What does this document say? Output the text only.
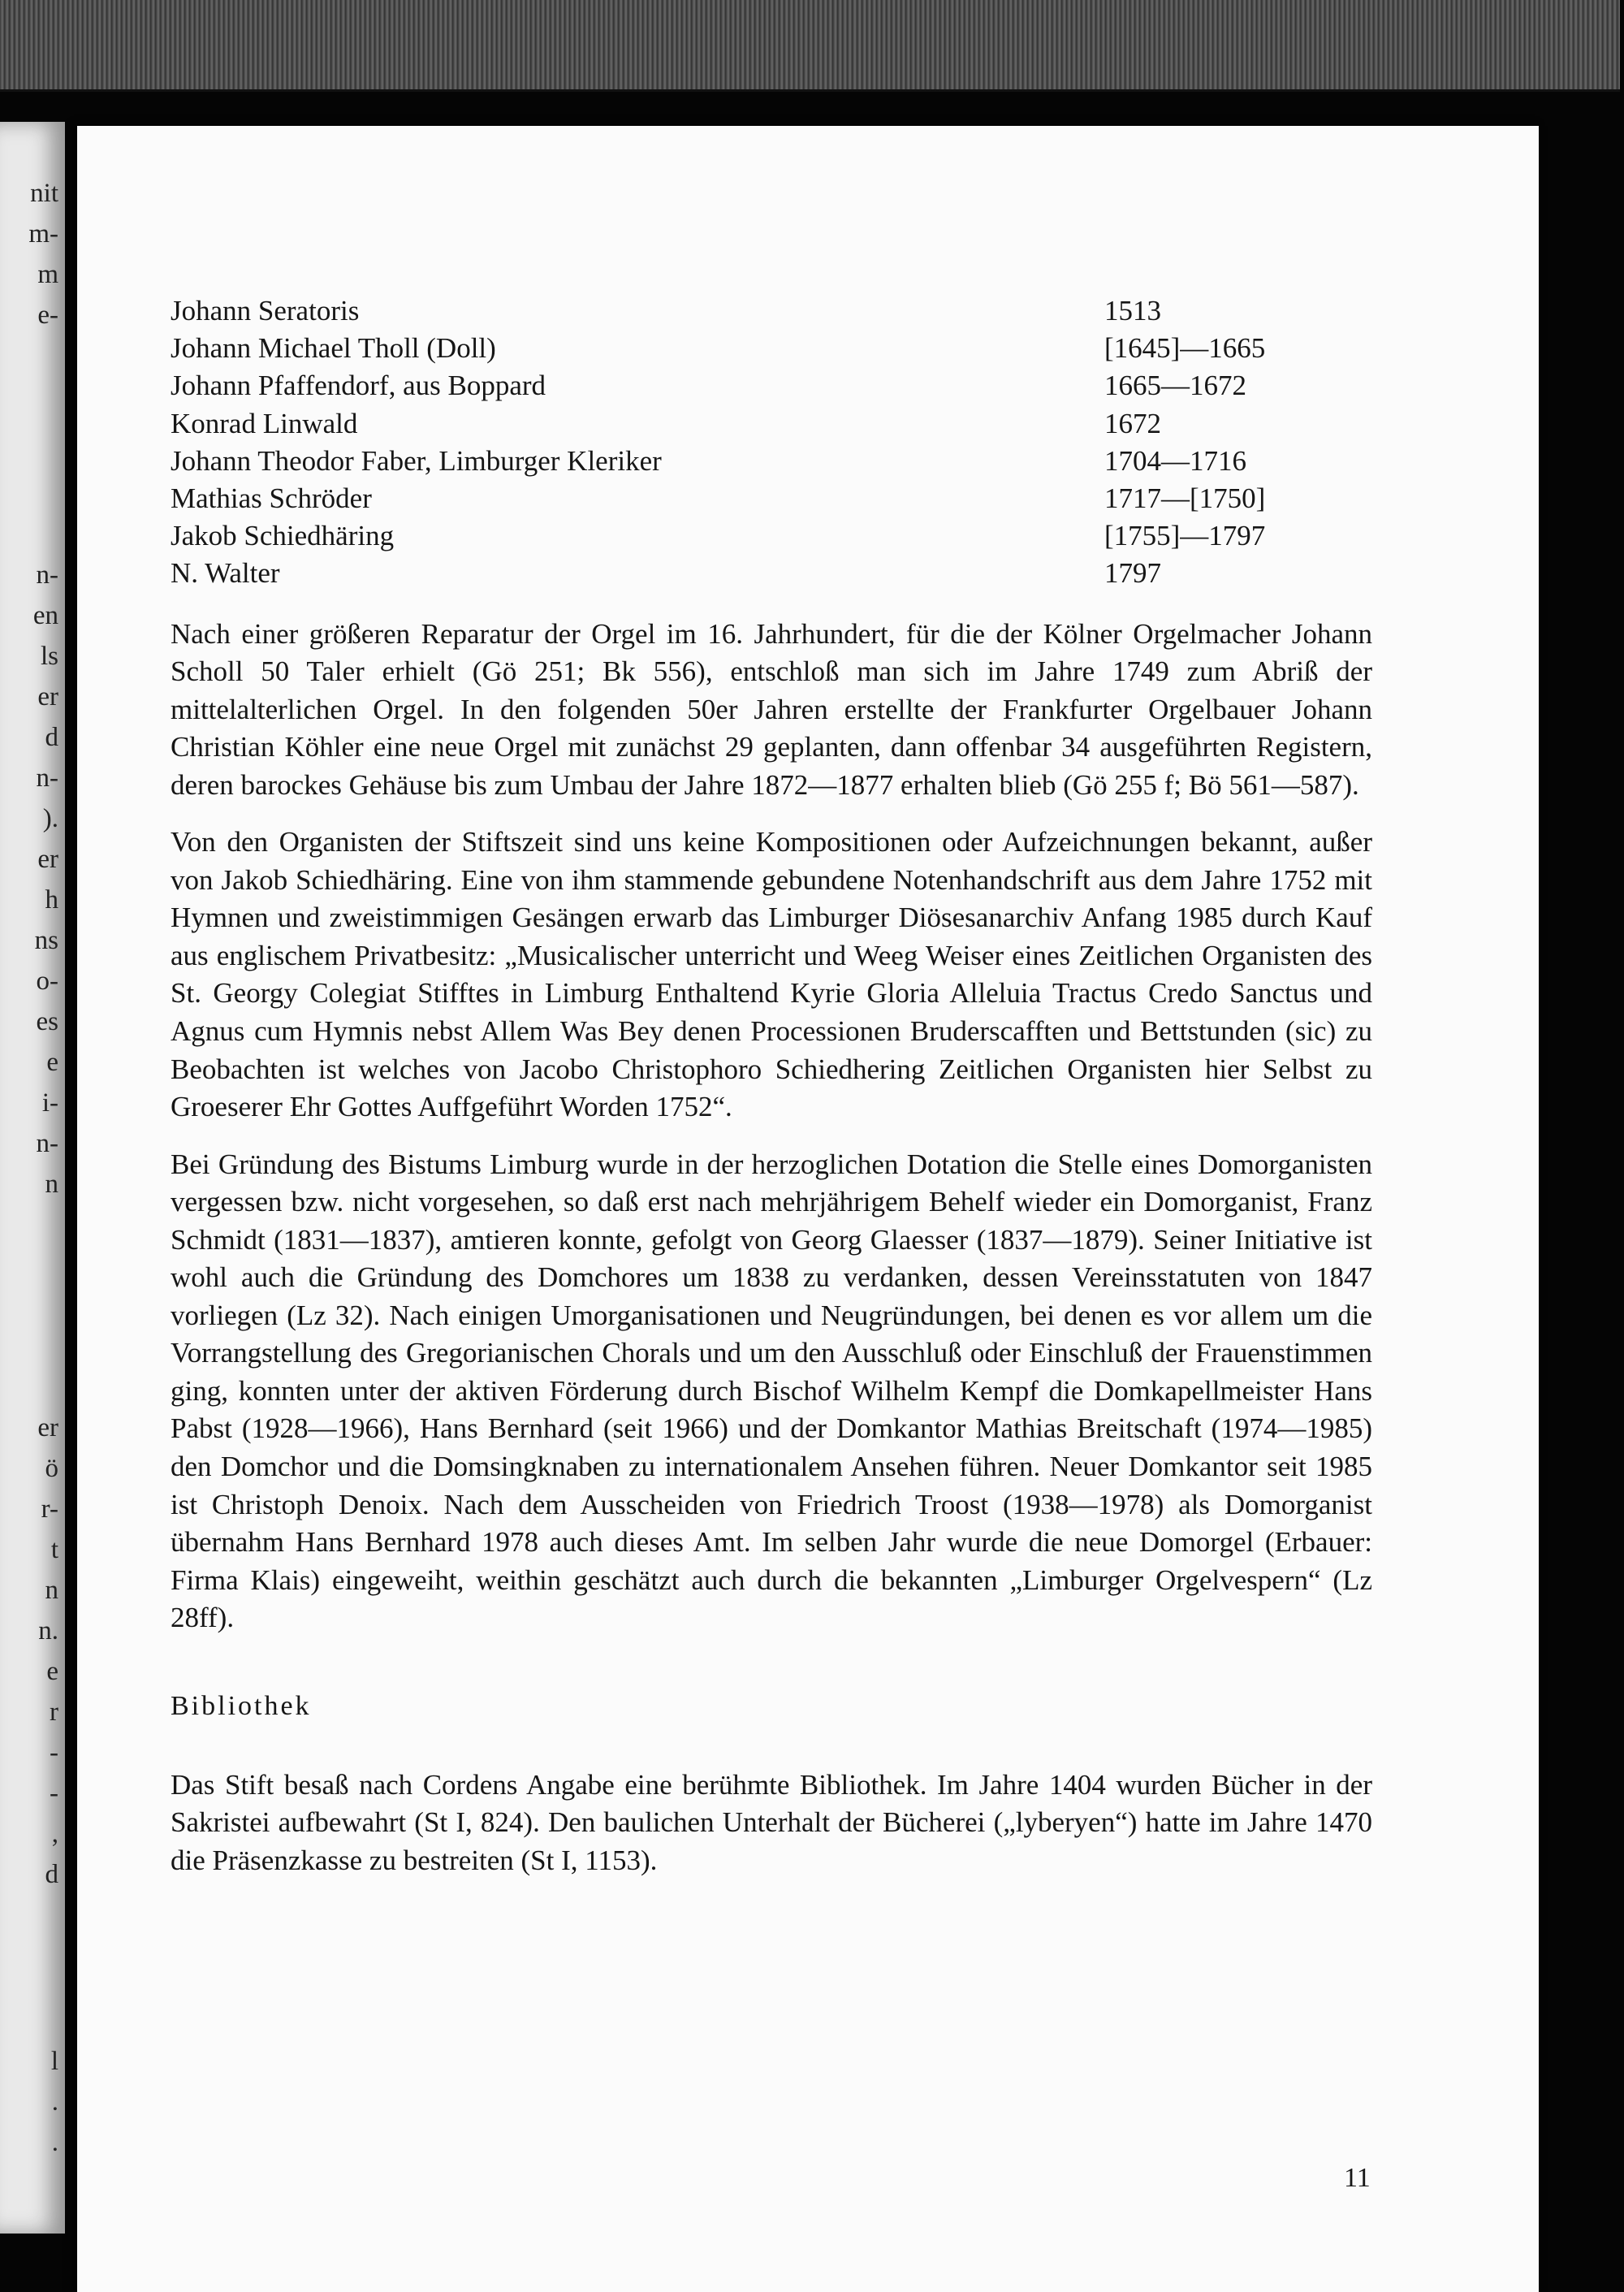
nit
m-
m
e-
n-
en
ls
er
d
n-
).
er
h
ns
o-
es
e
i-
n-
n
er
ö
r-
t
n
n.
e
r
-
-
,
d
l
.
.
Johann Seratoris	1513
Johann Michael Tholl (Doll)	[1645]—1665
Johann Pfaffendorf, aus Boppard	1665—1672
Konrad Linwald	1672
Johann Theodor Faber, Limburger Kleriker	1704—1716
Mathias Schröder	1717—[1750]
Jakob Schiedhäring	[1755]—1797
N. Walter	1797

Nach einer größeren Reparatur der Orgel im 16. Jahrhundert, für die der Kölner Orgelmacher Johann Scholl 50 Taler erhielt (Gö 251; Bk 556), entschloß man sich im Jahre 1749 zum Abriß der mittelalterlichen Orgel. In den folgenden 50er Jahren erstellte der Frankfurter Orgelbauer Johann Christian Köhler eine neue Orgel mit zunächst 29 geplanten, dann offenbar 34 ausgeführten Registern, deren barockes Gehäuse bis zum Umbau der Jahre 1872—1877 erhalten blieb (Gö 255 f; Bö 561—587).

Von den Organisten der Stiftszeit sind uns keine Kompositionen oder Aufzeichnungen bekannt, außer von Jakob Schiedhäring. Eine von ihm stammende gebundene Notenhandschrift aus dem Jahre 1752 mit Hymnen und zweistimmigen Gesängen erwarb das Limburger Diösesanarchiv Anfang 1985 durch Kauf aus englischem Privatbesitz: „Musicalischer unterricht und Weeg Weiser eines Zeitlichen Organisten des St. Georgy Colegiat Stifftes in Limburg Enthaltend Kyrie Gloria Alleluia Tractus Credo Sanctus und Agnus cum Hymnis nebst Allem Was Bey denen Processionen Bruderscafften und Bettstunden (sic) zu Beobachten ist welches von Jacobo Christophoro Schiedhering Zeitlichen Organisten hier Selbst zu Groeserer Ehr Gottes Auffgeführt Worden 1752“.

Bei Gründung des Bistums Limburg wurde in der herzoglichen Dotation die Stelle eines Domorganisten vergessen bzw. nicht vorgesehen, so daß erst nach mehrjährigem Behelf wieder ein Domorganist, Franz Schmidt (1831—1837), amtieren konnte, gefolgt von Georg Glaesser (1837—1879). Seiner Initiative ist wohl auch die Gründung des Domchores um 1838 zu verdanken, dessen Vereinsstatuten von 1847 vorliegen (Lz 32). Nach einigen Umorganisationen und Neugründungen, bei denen es vor allem um die Vorrangstellung des Gregorianischen Chorals und um den Ausschluß oder Einschluß der Frauenstimmen ging, konnten unter der aktiven Förderung durch Bischof Wilhelm Kempf die Domkapellmeister Hans Pabst (1928—1966), Hans Bernhard (seit 1966) und der Domkantor Mathias Breitschaft (1974—1985) den Domchor und die Domsingknaben zu internationalem Ansehen führen. Neuer Domkantor seit 1985 ist Christoph Denoix. Nach dem Ausscheiden von Friedrich Troost (1938—1978) als Domorganist übernahm Hans Bernhard 1978 auch dieses Amt. Im selben Jahr wurde die neue Domorgel (Erbauer: Firma Klais) eingeweiht, weithin geschätzt auch durch die bekannten „Limburger Orgelvespern“ (Lz 28ff).

Bibliothek

Das Stift besaß nach Cordens Angabe eine berühmte Bibliothek. Im Jahre 1404 wurden Bücher in der Sakristei aufbewahrt (St I, 824). Den baulichen Unterhalt der Bücherei („lyberyen“) hatte im Jahre 1470 die Präsenzkasse zu bestreiten (St I, 1153).

11
